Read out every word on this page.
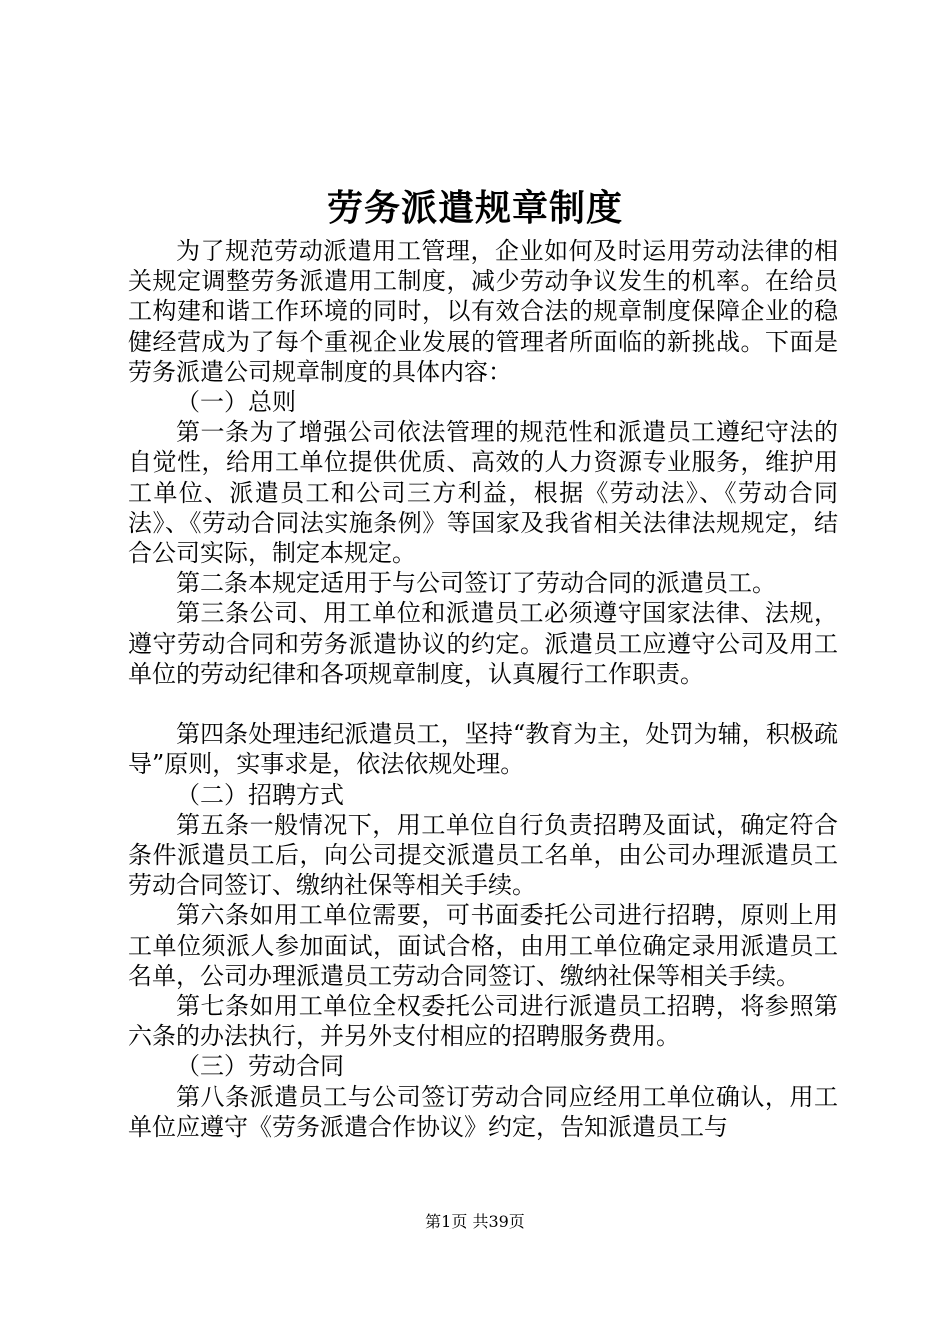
劳务派遣规章制度

为了规范劳动派遣用工管理，企业如何及时运用劳动法律的相关规定调整劳务派遣用工制度，减少劳动争议发生的机率。在给员工构建和谐工作环境的同时，以有效合法的规章制度保障企业的稳健经营成为了每个重视企业发展的管理者所面临的新挑战。下面是劳务派遣公司规章制度的具体内容：

（一）总则

第一条为了增强公司依法管理的规范性和派遣员工遵纪守法的自觉性，给用工单位提供优质、高效的人力资源专业服务，维护用工单位、派遣员工和公司三方利益，根据《劳动法》、《劳动合同法》、《劳动合同法实施条例》等国家及我省相关法律法规规定，结合公司实际，制定本规定。

第二条本规定适用于与公司签订了劳动合同的派遣员工。

第三条公司、用工单位和派遣员工必须遵守国家法律、法规，遵守劳动合同和劳务派遣协议的约定。派遣员工应遵守公司及用工单位的劳动纪律和各项规章制度，认真履行工作职责。

第四条处理违纪派遣员工，坚持“教育为主，处罚为辅，积极疏导”原则，实事求是，依法依规处理。

（二）招聘方式

第五条一般情况下，用工单位自行负责招聘及面试，确定符合条件派遣员工后，向公司提交派遣员工名单，由公司办理派遣员工劳动合同签订、缴纳社保等相关手续。

第六条如用工单位需要，可书面委托公司进行招聘，原则上用工单位须派人参加面试，面试合格，由用工单位确定录用派遣员工名单，公司办理派遣员工劳动合同签订、缴纳社保等相关手续。

第七条如用工单位全权委托公司进行派遣员工招聘，将参照第六条的办法执行，并另外支付相应的招聘服务费用。

（三）劳动合同

第八条派遣员工与公司签订劳动合同应经用工单位确认，用工单位应遵守《劳务派遣合作协议》约定，告知派遣员工与

第1页 共39页
